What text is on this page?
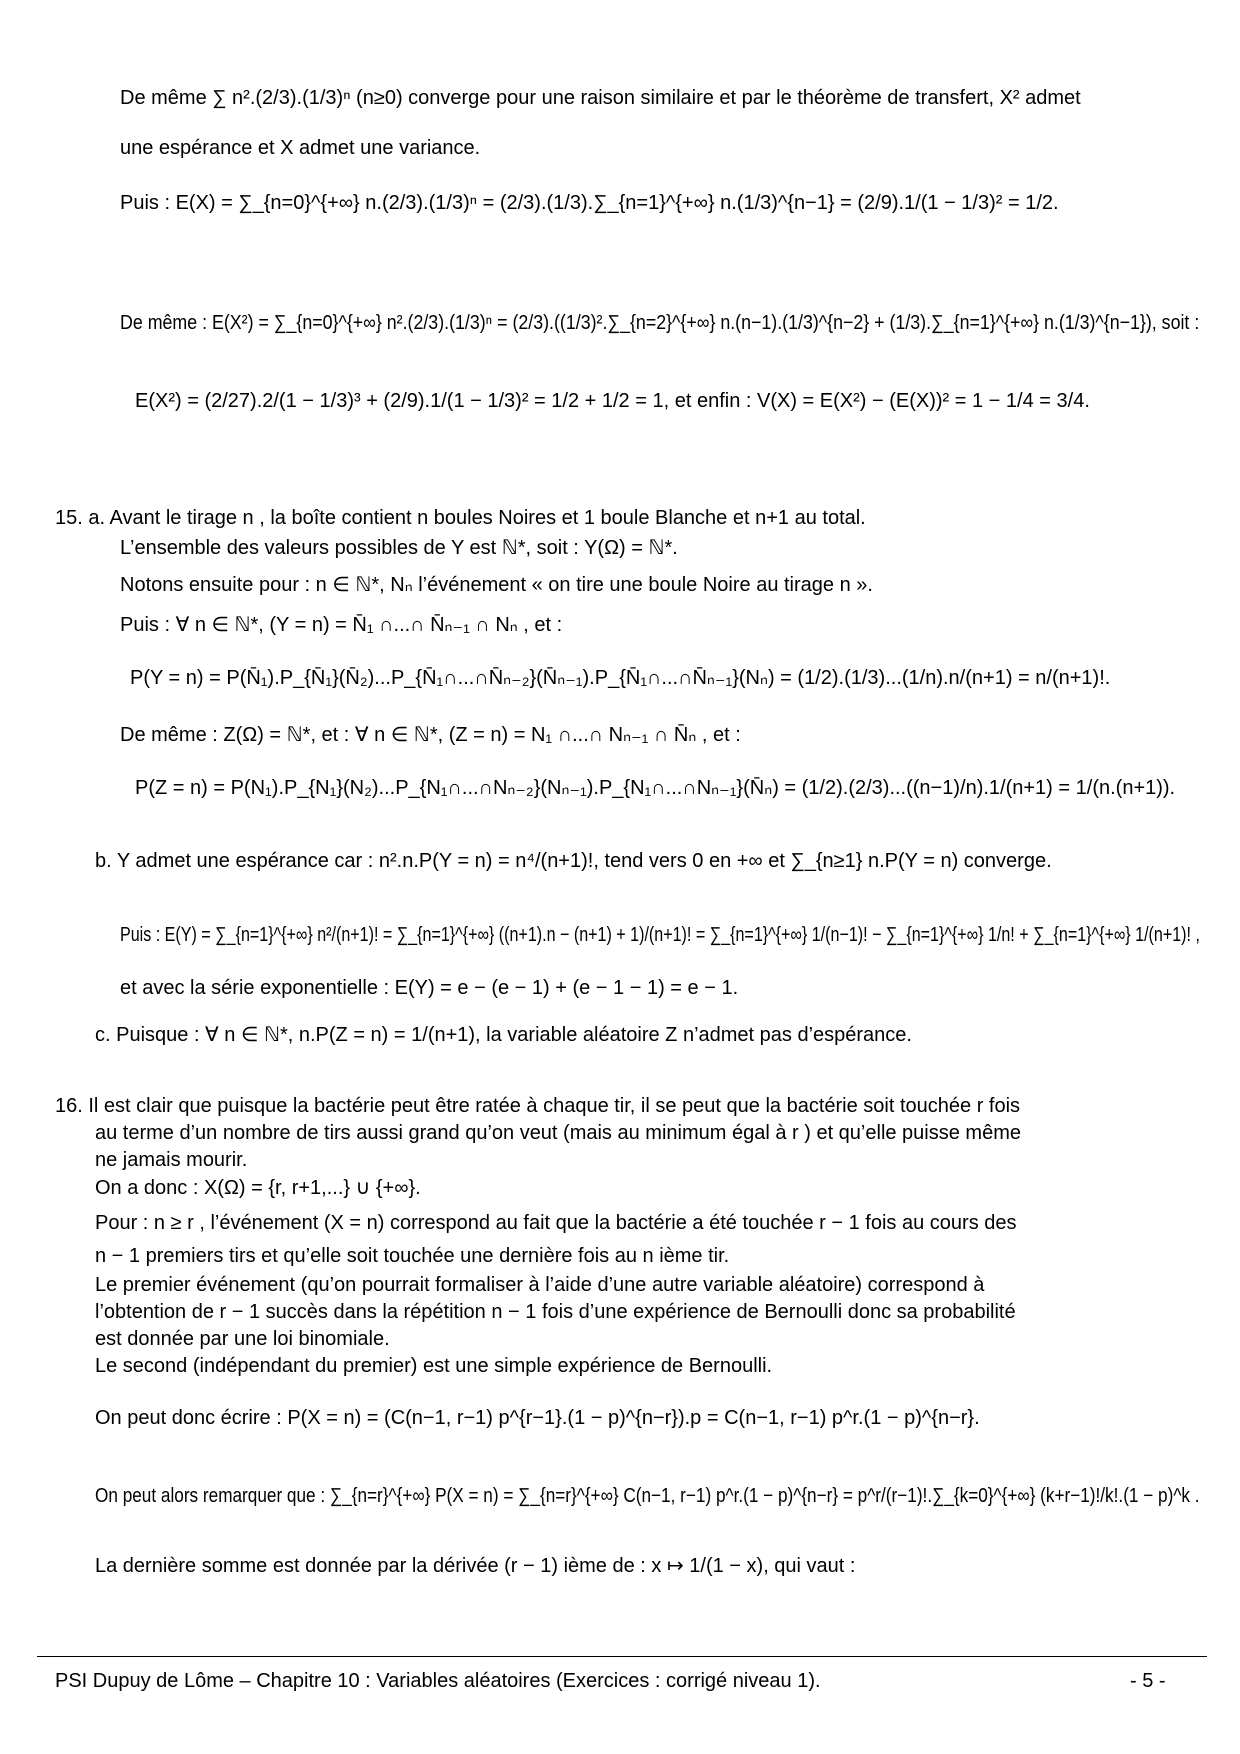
De même ∑ n².(2/3).(1/3)ⁿ (n≥0) converge pour une raison similaire et par le théorème de transfert, X² admet
une espérance et X admet une variance.
Puis : E(X) = ∑_{n=0}^{+∞} n.(2/3).(1/3)ⁿ = (2/3).(1/3).∑_{n=1}^{+∞} n.(1/3)^{n−1} = (2/9).1/(1 − 1/3)² = 1/2.
De même : E(X²) = ∑_{n=0}^{+∞} n².(2/3).(1/3)ⁿ = (2/3).((1/3)².∑_{n=2}^{+∞} n.(n−1).(1/3)^{n−2} + (1/3).∑_{n=1}^{+∞} n.(1/3)^{n−1}), soit :
E(X²) = (2/27).2/(1 − 1/3)³ + (2/9).1/(1 − 1/3)² = 1/2 + 1/2 = 1, et enfin : V(X) = E(X²) − (E(X))² = 1 − 1/4 = 3/4.
15. a. Avant le tirage n , la boîte contient n boules Noires et 1 boule Blanche et n+1 au total.
L’ensemble des valeurs possibles de Y est ℕ*, soit : Y(Ω) = ℕ*.
Notons ensuite pour : n ∈ ℕ*, Nₙ l’événement « on tire une boule Noire au tirage n ».
Puis : ∀ n ∈ ℕ*, (Y = n) = N̄₁ ∩...∩ N̄ₙ₋₁ ∩ Nₙ , et :
P(Y = n) = P(N̄₁).P_{N̄₁}(N̄₂)...P_{N̄₁∩...∩N̄ₙ₋₂}(N̄ₙ₋₁).P_{N̄₁∩...∩N̄ₙ₋₁}(Nₙ) = (1/2).(1/3)...(1/n).n/(n+1) = n/(n+1)!.
De même : Z(Ω) = ℕ*, et : ∀ n ∈ ℕ*, (Z = n) = N₁ ∩...∩ Nₙ₋₁ ∩ N̄ₙ , et :
P(Z = n) = P(N₁).P_{N₁}(N₂)...P_{N₁∩...∩Nₙ₋₂}(Nₙ₋₁).P_{N₁∩...∩Nₙ₋₁}(N̄ₙ) = (1/2).(2/3)...((n−1)/n).1/(n+1) = 1/(n.(n+1)).
b. Y admet une espérance car : n².n.P(Y = n) = n⁴/(n+1)!, tend vers 0 en +∞ et ∑_{n≥1} n.P(Y = n) converge.
Puis : E(Y) = ∑_{n=1}^{+∞} n²/(n+1)! = ∑_{n=1}^{+∞} ((n+1).n − (n+1) + 1)/(n+1)! = ∑_{n=1}^{+∞} 1/(n−1)! − ∑_{n=1}^{+∞} 1/n! + ∑_{n=1}^{+∞} 1/(n+1)! ,
et avec la série exponentielle : E(Y) = e − (e − 1) + (e − 1 − 1) = e − 1.
c. Puisque : ∀ n ∈ ℕ*, n.P(Z = n) = 1/(n+1), la variable aléatoire Z n’admet pas d’espérance.
16. Il est clair que puisque la bactérie peut être ratée à chaque tir, il se peut que la bactérie soit touchée r fois
au terme d’un nombre de tirs aussi grand qu’on veut (mais au minimum égal à r ) et qu’elle puisse même
ne jamais mourir.
On a donc : X(Ω) = {r, r+1,...} ∪ {+∞}.
Pour : n ≥ r , l’événement (X = n) correspond au fait que la bactérie a été touchée r − 1 fois au cours des
n − 1 premiers tirs et qu’elle soit touchée une dernière fois au n ième tir.
Le premier événement (qu’on pourrait formaliser à l’aide d’une autre variable aléatoire) correspond à
l’obtention de r − 1 succès dans la répétition n − 1 fois d’une expérience de Bernoulli donc sa probabilité
est donnée par une loi binomiale.
Le second (indépendant du premier) est une simple expérience de Bernoulli.
On peut donc écrire : P(X = n) = (C(n−1, r−1) p^{r−1}.(1 − p)^{n−r}).p = C(n−1, r−1) p^r.(1 − p)^{n−r}.
On peut alors remarquer que : ∑_{n=r}^{+∞} P(X = n) = ∑_{n=r}^{+∞} C(n−1, r−1) p^r.(1 − p)^{n−r} = p^r/(r−1)!.∑_{k=0}^{+∞} (k+r−1)!/k!.(1 − p)^k .
La dernière somme est donnée par la dérivée (r − 1) ième de : x ↦ 1/(1 − x), qui vaut :
PSI Dupuy de Lôme – Chapitre 10 : Variables aléatoires (Exercices : corrigé niveau 1).	- 5 -
